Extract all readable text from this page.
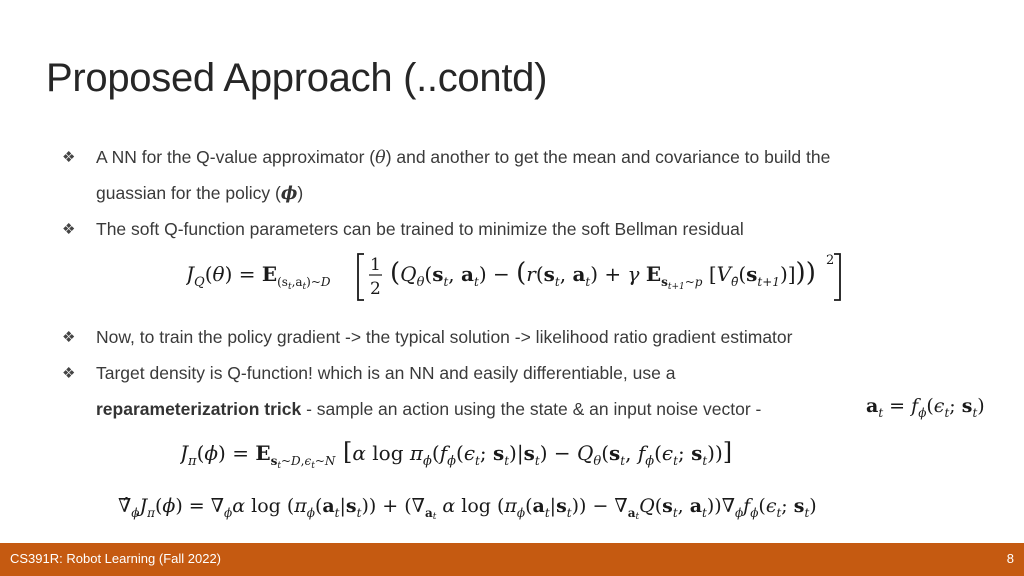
Proposed Approach (..contd)
❖ A NN for the Q-value approximator (θ) and another to get the mean and covariance to build the
guassian for the policy (ϕ)
❖ The soft Q-function parameters can be trained to minimize the soft Bellman residual
$J_Q(\theta)$ = $E_{(s}t,at)\sim D$
1
2
($Q_\theta(s_t$, $a_t) - (r(s_t$, $a_t) + \gamma$ $E_st+1\sim p$ $[V_{\thetā}(s_{t+1})]$)) 2
❖ Now, to train the policy gradient -> the typical solution -> likelihood ratio gradient estimator
❖ Target density is Q-function! which is an NN and easily differentiable, use a
reparameterizatrion trick - sample an action using the state & an input noise vector -	$a_t = f_\phi(\epsilon_t$; $s_t$)
$J_\pi(\phi)$ = $E_st\sim D,\epsilon t\sim N$ [α $\log \pi_\phi(f_\phi(\epsilon_t$; $s_t)|s_t) - Q_\theta(s_t$, $f_\phi(\epsilon_t$; $s_t$))]
$\nablâ_\phi J_\pi(\phi) = \nabla_\phi\alpha$ $\log (\pi_\phi(a_t|s_t)) + (\nabla_at$ α $\log (\pi_\phi(a_t|s_t)) - \nabla_atQ(s_t$, $a_t))\nabla_\phi f_\phi(\epsilon_t$; $s_t$)
CS391R: Robot Learning (Fall 2022)	8
